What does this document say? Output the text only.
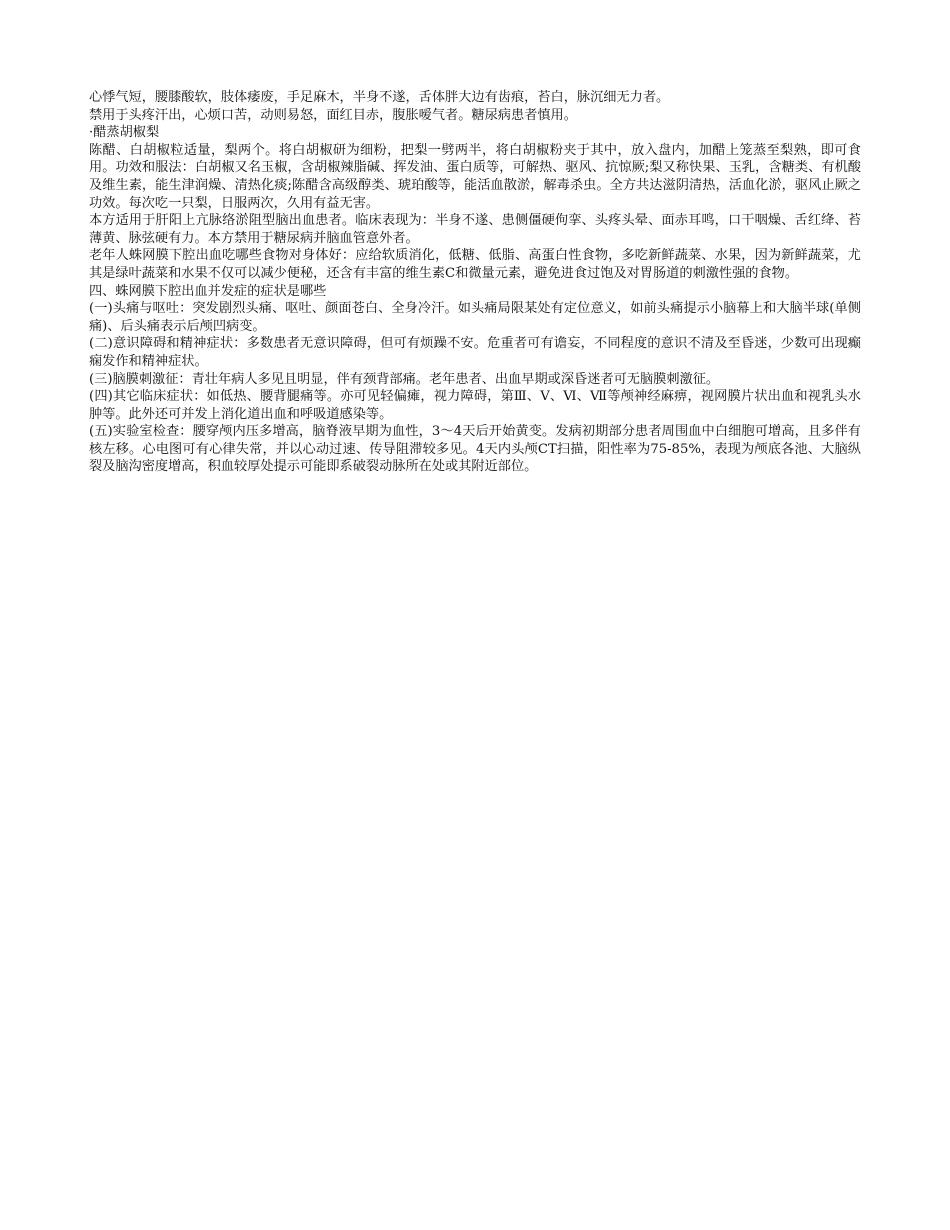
心悸气短，腰膝酸软，肢体痿废，手足麻木，半身不遂，舌体胖大边有齿痕，苔白，脉沉细无力者。

禁用于头疼汗出，心烦口苦，动则易怒，面红目赤，腹胀嗳气者。糖尿病患者慎用。

·醋蒸胡椒梨

陈醋、白胡椒粒适量，梨两个。将白胡椒研为细粉，把梨一劈两半，将白胡椒粉夹于其中，放入盘内，加醋上笼蒸至梨熟，即可食用。功效和服法：白胡椒又名玉椒，含胡椒辣脂碱、挥发油、蛋白质等，可解热、驱风、抗惊厥;梨又称快果、玉乳，含糖类、有机酸及维生素，能生津润燥、清热化痰;陈醋含高级醇类、琥珀酸等，能活血散淤，解毒杀虫。全方共达滋阴清热，活血化淤，驱风止厥之功效。每次吃一只梨，日服两次，久用有益无害。

本方适用于肝阳上亢脉络淤阻型脑出血患者。临床表现为：半身不遂、患侧僵硬佝挛、头疼头晕、面赤耳鸣，口干咽燥、舌红绛、苔薄黄、脉弦硬有力。本方禁用于糖尿病并脑血管意外者。

老年人蛛网膜下腔出血吃哪些食物对身体好：应给软质消化，低糖、低脂、高蛋白性食物，多吃新鲜蔬菜、水果，因为新鲜蔬菜，尤其是绿叶蔬菜和水果不仅可以减少便秘，还含有丰富的维生素C和微量元素，避免进食过饱及对胃肠道的刺激性强的食物。

四、蛛网膜下腔出血并发症的症状是哪些

(一)头痛与呕吐：突发剧烈头痛、呕吐、颜面苍白、全身冷汗。如头痛局限某处有定位意义，如前头痛提示小脑幕上和大脑半球(单侧痛)、后头痛表示后颅凹病变。

(二)意识障碍和精神症状：多数患者无意识障碍，但可有烦躁不安。危重者可有谵妄，不同程度的意识不清及至昏迷，少数可出现癫痫发作和精神症状。

(三)脑膜刺激征：青壮年病人多见且明显，伴有颈背部痛。老年患者、出血早期或深昏迷者可无脑膜刺激征。

(四)其它临床症状：如低热、腰背腿痛等。亦可见轻偏瘫，视力障碍，第Ⅲ、Ⅴ、Ⅵ、Ⅶ等颅神经麻痹，视网膜片状出血和视乳头水肿等。此外还可并发上消化道出血和呼吸道感染等。

(五)实验室检查：腰穿颅内压多增高，脑脊液早期为血性，3～4天后开始黄变。发病初期部分患者周围血中白细胞可增高，且多伴有核左移。心电图可有心律失常，并以心动过速、传导阻滞较多见。4天内头颅CT扫描，阳性率为75-85%，表现为颅底各池、大脑纵裂及脑沟密度增高，积血较厚处提示可能即系破裂动脉所在处或其附近部位。
